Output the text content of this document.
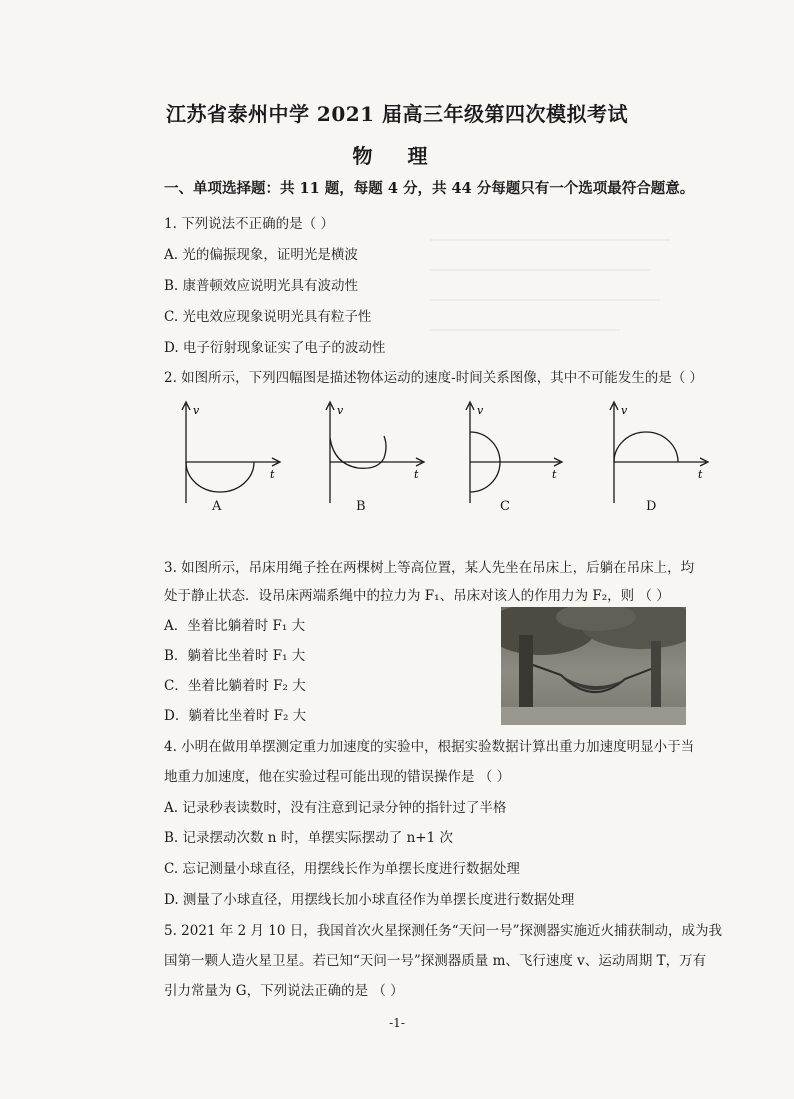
江苏省泰州中学 2021 届高三年级第四次模拟考试
物 理
一、单项选择题：共 11 题，每题 4 分，共 44 分每题只有一个选项最符合题意。
1. 下列说法不正确的是（ ）
A. 光的偏振现象，证明光是横波
B. 康普顿效应说明光具有波动性
C. 光电效应现象说明光具有粒子性
D. 电子衍射现象证实了电子的波动性
2. 如图所示，下列四幅图是描述物体运动的速度-时间关系图像，其中不可能发生的是（ ）
v
t
A
v
t
B
v
t
C
v
t
D
3. 如图所示，吊床用绳子拴在两棵树上等高位置，某人先坐在吊床上，后躺在吊床上，均
处于静止状态．设吊床两端系绳中的拉力为 F₁、吊床对该人的作用力为 F₂，则 （ ）
A．坐着比躺着时 F₁ 大
B．躺着比坐着时 F₁ 大
C．坐着比躺着时 F₂ 大
D．躺着比坐着时 F₂ 大
4. 小明在做用单摆测定重力加速度的实验中，根据实验数据计算出重力加速度明显小于当
地重力加速度，他在实验过程可能出现的错误操作是 （ ）
A. 记录秒表读数时，没有注意到记录分钟的指针过了半格
B. 记录摆动次数 n 时，单摆实际摆动了 n+1 次
C. 忘记测量小球直径，用摆线长作为单摆长度进行数据处理
D. 测量了小球直径，用摆线长加小球直径作为单摆长度进行数据处理
5. 2021 年 2 月 10 日，我国首次火星探测任务“天问一号”探测器实施近火捕获制动，成为我
国第一颗人造火星卫星。若已知“天问一号”探测器质量 m、飞行速度 v、运动周期 T，万有
引力常量为 G，下列说法正确的是 （ ）
-1-
